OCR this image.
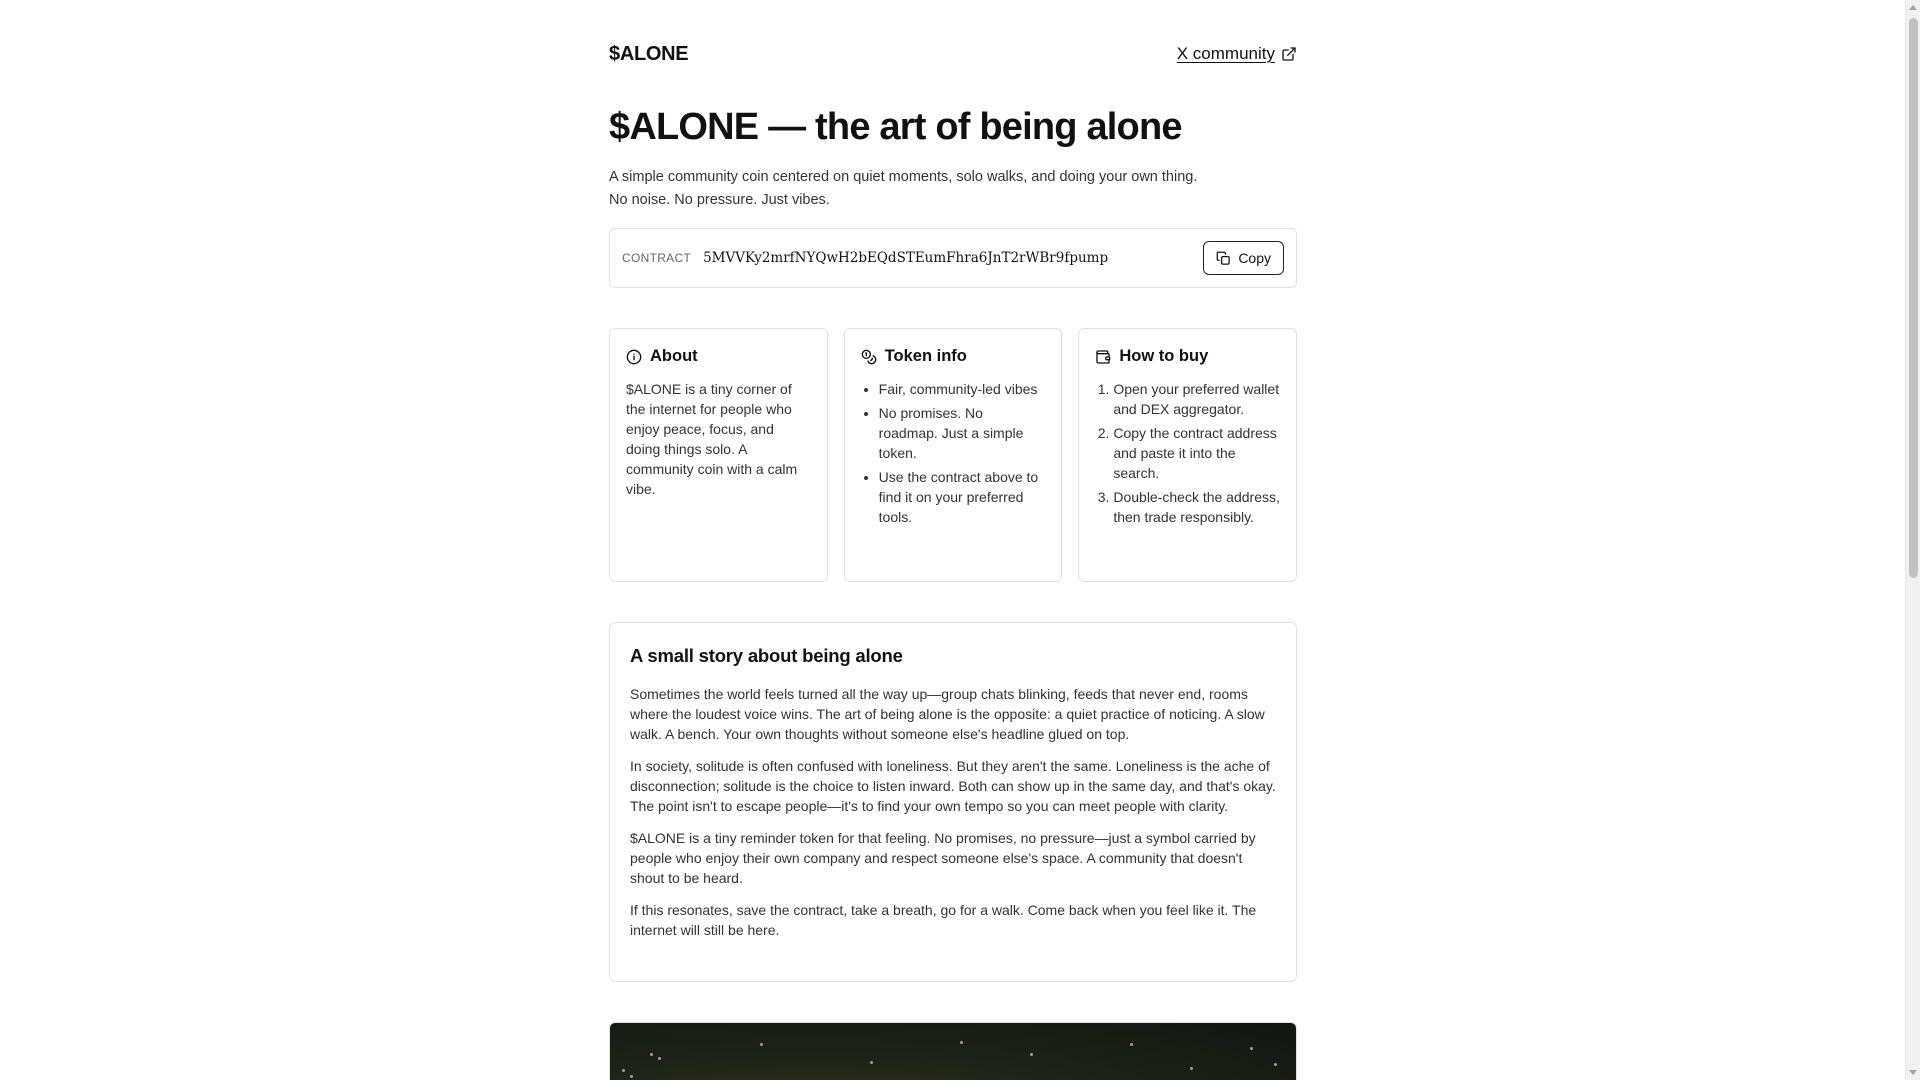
$ALONE	X community
$ALONE — the art of being alone
A simple community coin centered on quiet moments, solo walks, and doing your own thing.
No noise. No pressure. Just vibes.
CONTRACT 5MVVKy2mrfNYQwH2bEQdSTEumFhra6JnT2rWBr9fpump	Copy
About
$ALONE is a tiny corner of the internet for people who enjoy peace, focus, and doing things solo. A community coin with a calm vibe.
Token info
• Fair, community-led vibes
• No promises. No roadmap. Just a simple token.
• Use the contract above to find it on your preferred tools.
How to buy
1. Open your preferred wallet and DEX aggregator.
2. Copy the contract address and paste it into the search.
3. Double-check the address, then trade responsibly.
A small story about being alone

Sometimes the world feels turned all the way up—group chats blinking, feeds that never end, rooms where the loudest voice wins. The art of being alone is the opposite: a quiet practice of noticing. A slow walk. A bench. Your own thoughts without someone else's headline glued on top.

In society, solitude is often confused with loneliness. But they aren't the same. Loneliness is the ache of disconnection; solitude is the choice to listen inward. Both can show up in the same day, and that's okay. The point isn't to escape people—it's to find your own tempo so you can meet people with clarity.

$ALONE is a tiny reminder token for that feeling. No promises, no pressure—just a symbol carried by people who enjoy their own company and respect someone else's space. A community that doesn't shout to be heard.

If this resonates, save the contract, take a breath, go for a walk. Come back when you feel like it. The internet will still be here.
